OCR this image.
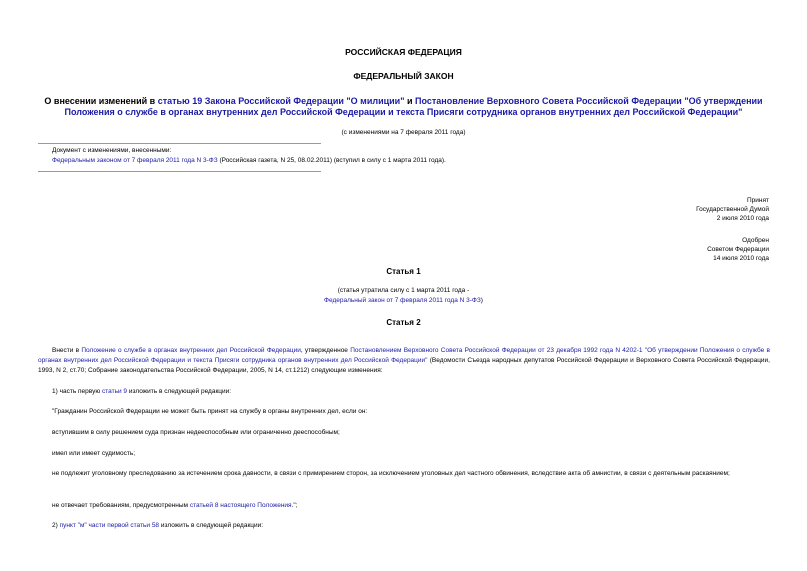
РОССИЙСКАЯ ФЕДЕРАЦИЯ
ФЕДЕРАЛЬНЫЙ ЗАКОН
О внесении изменений в статью 19 Закона Российской Федерации "О милиции" и Постановление Верховного Совета Российской Федерации "Об утверждении Положения о службе в органах внутренних дел Российской Федерации и текста Присяги сотрудника органов внутренних дел Российской Федерации"
(с изменениями на 7 февраля 2011 года)
Документ с изменениями, внесенными:
Федеральным законом от 7 февраля 2011 года N 3-ФЗ (Российская газета, N 25, 08.02.2011) (вступил в силу с 1 марта 2011 года).
Принят
Государственной Думой
2 июля 2010 года
Одобрен
Советом Федерации
14 июля 2010 года
Статья 1
(статья утратила силу с 1 марта 2011 года -
Федеральный закон от 7 февраля 2011 года N 3-ФЗ)
Статья 2
Внести в Положение о службе в органах внутренних дел Российской Федерации, утвержденное Постановлением Верховного Совета Российской Федерации от 23 декабря 1992 года N 4202-1 "Об утверждении Положения о службе в органах внутренних дел Российской Федерации и текста Присяги сотрудника органов внутренних дел Российской Федерации" (Ведомости Съезда народных депутатов Российской Федерации и Верховного Совета Российской Федерации, 1993, N 2, ст.70; Собрание законодательства Российской Федерации, 2005, N 14, ст.1212) следующие изменения:
1) часть первую статьи 9 изложить в следующей редакции:
"Гражданин Российской Федерации не может быть принят на службу в органы внутренних дел, если он:
вступившим в силу решением суда признан недееспособным или ограниченно дееспособным;
имел или имеет судимость;
не подлежит уголовному преследованию за истечением срока давности, в связи с примирением сторон, за исключением уголовных дел частного обвинения, вследствие акта об амнистии, в связи с деятельным раскаянием;
не отвечает требованиям, предусмотренным статьей 8 настоящего Положения.";
2) пункт "м" части первой статьи 58 изложить в следующей редакции:
